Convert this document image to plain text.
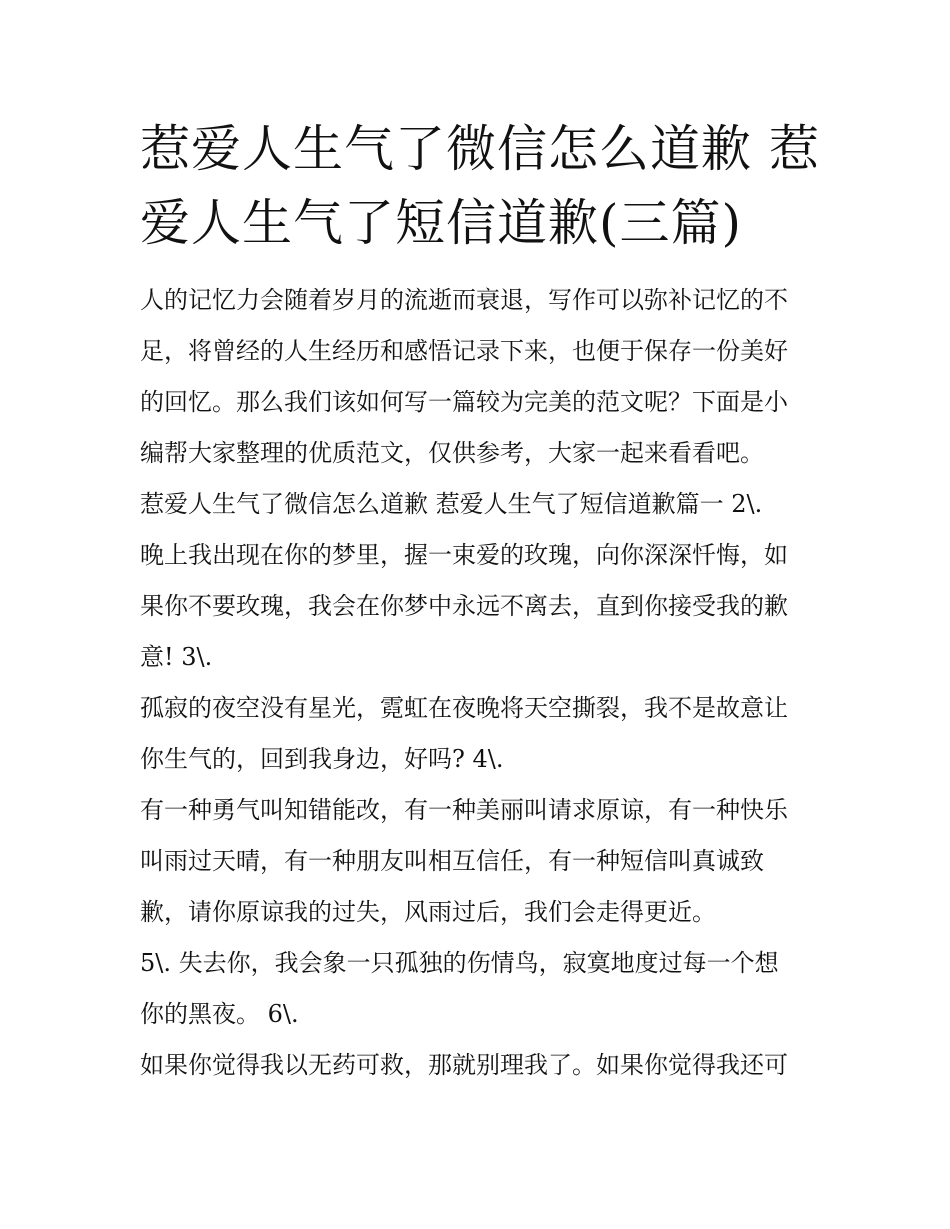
惹爱人生气了微信怎么道歉 惹
爱人生气了短信道歉(三篇)

人的记忆力会随着岁月的流逝而衰退，写作可以弥补记忆的不
足，将曾经的人生经历和感悟记录下来，也便于保存一份美好
的回忆。那么我们该如何写一篇较为完美的范文呢？下面是小
编帮大家整理的优质范文，仅供参考，大家一起来看看吧。

惹爱人生气了微信怎么道歉 惹爱人生气了短信道歉篇一 2\.

晚上我出现在你的梦里，握一束爱的玫瑰，向你深深忏悔，如
果你不要玫瑰，我会在你梦中永远不离去，直到你接受我的歉
意! 3\.

孤寂的夜空没有星光，霓虹在夜晚将天空撕裂，我不是故意让
你生气的，回到我身边，好吗? 4\.

有一种勇气叫知错能改，有一种美丽叫请求原谅，有一种快乐
叫雨过天晴，有一种朋友叫相互信任，有一种短信叫真诚致
歉，请你原谅我的过失，风雨过后，我们会走得更近。

5\. 失去你，我会象一只孤独的伤情鸟，寂寞地度过每一个想
你的黑夜。 6\.

如果你觉得我以无药可救，那就别理我了。如果你觉得我还可
